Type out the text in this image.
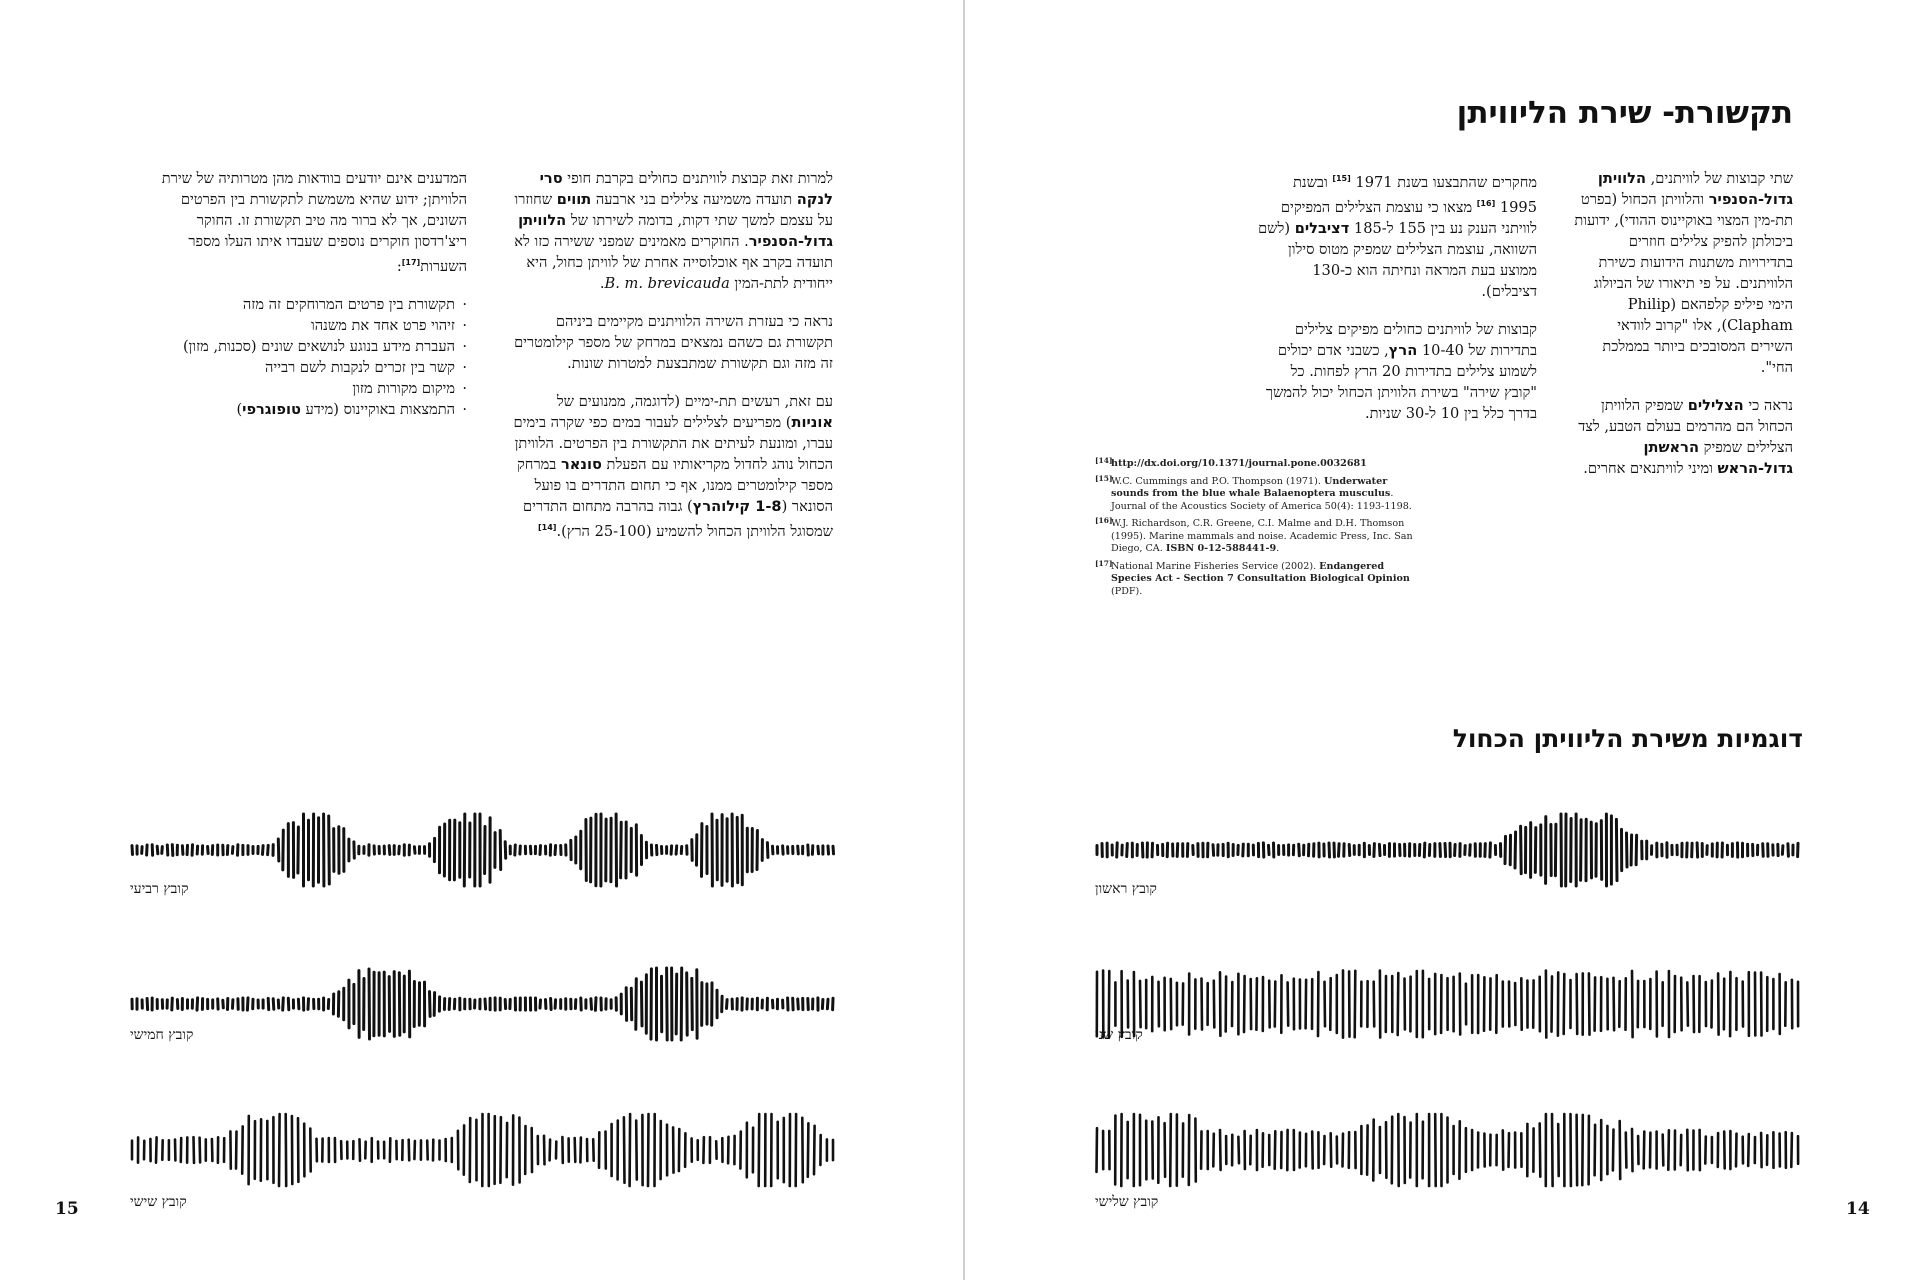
תקשורת- שירת הליוויתן

שתי קבוצות של לוויתנים, הלוויתן גדול-הסנפיר והלוויתן הכחול (בפרט תת-מין המצוי באוקיינוס ההודי), ידועות ביכולתן להפיק צלילים חוזרים בתדירויות משתנות הידועות כשירת הלוויתנים. על פי תיאורו של הביולוג הימי פיליפ קלפהאם (Philip Clapham), אלו "קרוב לוודאי השירים המסובכים ביותר בממלכת החי".

נראה כי הצלילים שמפיק הלוויתן הכחול הם מהרמים בעולם הטבע, לצד הצלילים שמפיק הראשתן גדול-הראש ומיני לוויתנאים אחרים.

מחקרים שהתבצעו בשנת 1971 [15] ובשנת 1995 [16] מצאו כי עוצמת הצלילים המפיקים לוויתני הענק נע בין 155 ל-185 דציבלים (לשם השוואה, עוצמת הצלילים שמפיק מטוס סילון ממוצע בעת המראה ונחיתה הוא כ-130 דציבלים).

קבוצות של לוויתנים כחולים מפיקים צלילים בתדירות של 10-40 הרץ, כשבני אדם יכולים לשמוע צלילים בתדירות 20 הרץ לפחות. כל "קובץ שירה" בשירת הלוויתן הכחול יכול להמשך בדרך כלל בין 10 ל-30 שניות.

[14]
http://dx.doi.org/10.1371/journal.pone.0032681
[15]
W.C. Cummings and P.O. Thompson (1971). Underwater sounds from the blue whale Balaenoptera musculus. Journal of the Acoustics Society of America 50(4): 1193-1198.
[16]
W.J. Richardson, C.R. Greene, C.I. Malme and D.H. Thomson (1995). Marine mammals and noise. Academic Press, Inc. San Diego, CA. ISBN 0-12-588441-9.
[17]
National Marine Fisheries Service (2002). Endangered Species Act - Section 7 Consultation Biological Opinion (PDF).
דוגמיות משירת הליוויתן הכחול
קובץ ראשון
קובץ שני
קובץ שלישי	14

למרות זאת קבוצת לוויתנים כחולים בקרבת חופי סרי לנקה תועדה משמיעה צלילים בני ארבעה תווים שחוזרו על עצמם למשך שתי דקות, בדומה לשירתו של הלוויתן גדול-הסנפיר. החוקרים מאמינים שמפני ששירה כזו לא תועדה בקרב אף אוכלוסייה אחרת של לוויתן כחול, היא ייחודית לתת-המין B. m. brevicauda.

נראה כי בעזרת השירה הלוויתנים מקיימים ביניהם תקשורת גם כשהם נמצאים במרחק של מספר קילומטרים זה מזה וגם תקשורת שמתבצעת למטרות שונות.

עם זאת, רעשים תת-ימיים (לדוגמה, ממנועים של אוניות) מפריעים לצלילים לעבור במים כפי שקרה בימים עברו, ומונעת לעיתים את התקשורת בין הפרטים. הלוויתן הכחול נוהג לחדול מקריאותיו עם הפעלת סונאר במרחק מספר קילומטרים ממנו, אף כי תחום התדרים בו פועל הסונאר (1-8 קילוהרץ) גבוה בהרבה מתחום התדרים שמסוגל הלוויתן הכחול להשמיע (25-100 הרץ).[14]

המדענים אינם יודעים בוודאות מהן מטרותיה של שירת הלוויתן; ידוע שהיא משמשת לתקשורת בין הפרטים השונים, אך לא ברור מה טיב תקשורת זו. החוקר ריצ'רדסון חוקרים נוספים שעבדו איתו העלו מספר השערות[17]:

· תקשורת בין פרטים המרוחקים זה מזה
· זיהוי פרט אחד את משנהו
· העברת מידע בנוגע לנושאים שונים (סכנות, מזון)
· קשר בין זכרים לנקבות לשם רבייה
· מיקום מקורות מזון
· התמצאות באוקיינוס (מידע טופוגרפי)
קובץ רביעי
קובץ חמישי
קובץ שישי
15
